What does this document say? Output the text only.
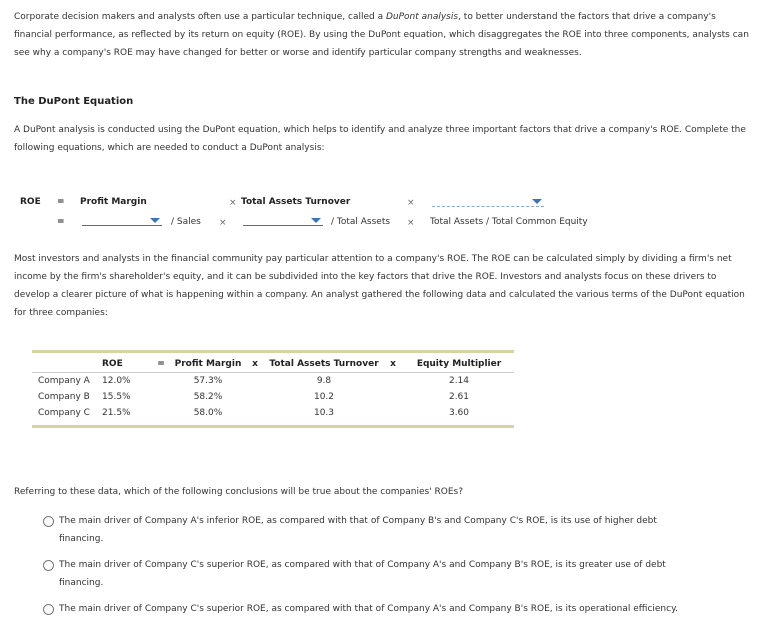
Corporate decision makers and analysts often use a particular technique, called a DuPont analysis, to better understand the factors that drive a company's financial performance, as reflected by its return on equity (ROE). By using the DuPont equation, which disaggregates the ROE into three components, analysts can see why a company's ROE may have changed for better or worse and identify particular company strengths and weaknesses.
The DuPont Equation
A DuPont analysis is conducted using the DuPont equation, which helps to identify and analyze three important factors that drive a company's ROE. Complete the following equations, which are needed to conduct a DuPont analysis:
ROE = Profit Margin	× Total Assets Turnover	×
=	/ Sales ×	/ Total Assets × Total Assets / Total Common Equity
Most investors and analysts in the financial community pay particular attention to a company's ROE. The ROE can be calculated simply by dividing a firm's net income by the firm's shareholder's equity, and it can be subdivided into the key factors that drive the ROE. Investors and analysts focus on these drivers to develop a clearer picture of what is happening within a company. An analyst gathered the following data and calculated the various terms of the DuPont equation for three companies:
	ROE	=	Profit Margin	x	Total Assets Turnover	x	Equity Multiplier
Company A	12.0%		57.3%		9.8		2.14
Company B	15.5%		58.2%		10.2		2.61
Company C	21.5%		58.0%		10.3		3.60
Referring to these data, which of the following conclusions will be true about the companies' ROEs?
The main driver of Company A's inferior ROE, as compared with that of Company B's and Company C's ROE, is its use of higher debt financing.
The main driver of Company C's superior ROE, as compared with that of Company A's and Company B's ROE, is its greater use of debt financing.
The main driver of Company C's superior ROE, as compared with that of Company A's and Company B's ROE, is its operational efficiency.
